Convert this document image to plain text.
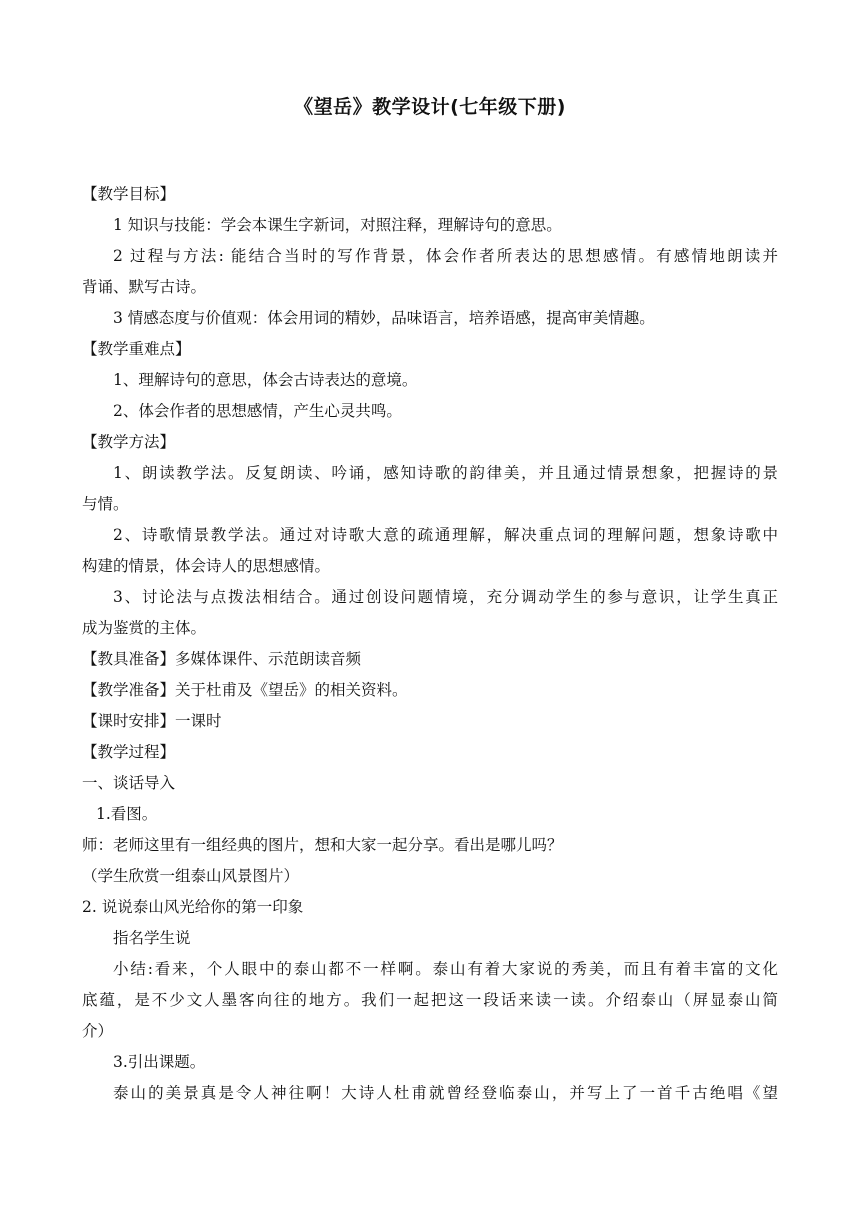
《望岳》教学设计(七年级下册)
【教学目标】
1 知识与技能：学会本课生字新词，对照注释，理解诗句的意思。
2 过程与方法: 能结合当时的写作背景，体会作者所表达的思想感情。有感情地朗读并
背诵、默写古诗。
3 情感态度与价值观：体会用词的精妙，品味语言，培养语感，提高审美情趣。
【教学重难点】
1、理解诗句的意思，体会古诗表达的意境。
2、体会作者的思想感情，产生心灵共鸣。
【教学方法】
1、朗读教学法。反复朗读、吟诵，感知诗歌的韵律美，并且通过情景想象，把握诗的景
与情。
2、诗歌情景教学法。通过对诗歌大意的疏通理解，解决重点词的理解问题，想象诗歌中
构建的情景，体会诗人的思想感情。
3、讨论法与点拨法相结合。通过创设问题情境，充分调动学生的参与意识，让学生真正
成为鉴赏的主体。
【教具准备】多媒体课件、示范朗读音频
【教学准备】关于杜甫及《望岳》的相关资料。
【课时安排】一课时
【教学过程】
一、谈话导入
1.看图。
师：老师这里有一组经典的图片，想和大家一起分享。看出是哪儿吗？
（学生欣赏一组泰山风景图片）
2. 说说泰山风光给你的第一印象
指名学生说
小结:看来，个人眼中的泰山都不一样啊。泰山有着大家说的秀美，而且有着丰富的文化
底蕴，是不少文人墨客向往的地方。我们一起把这一段话来读一读。介绍泰山（屏显泰山简
介）
3.引出课题。
泰山的美景真是令人神往啊！大诗人杜甫就曾经登临泰山，并写上了一首千古绝唱《望
